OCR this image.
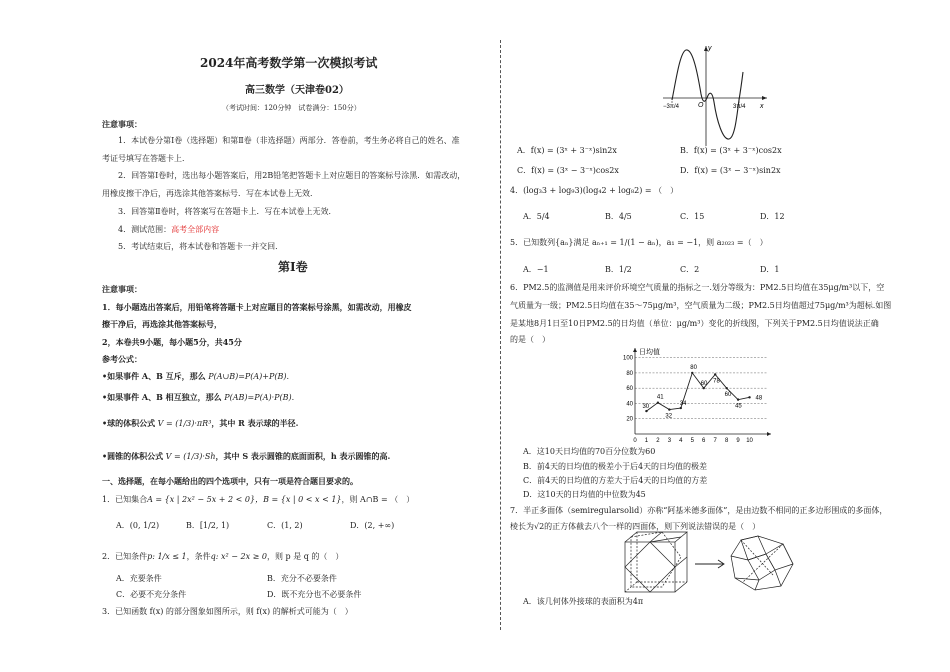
2024年高考数学第一次模拟考试
高三数学（天津卷02）
（考试时间：120分钟　试卷满分：150分）
注意事项：
1．本试卷分第Ⅰ卷（选择题）和第Ⅱ卷（非选择题）两部分．答卷前，考生务必将自己的姓名、准
考证号填写在答题卡上．
2．回答第Ⅰ卷时，选出每小题答案后，用2B铅笔把答题卡上对应题目的答案标号涂黑．如需改动，
用橡皮擦干净后，再选涂其他答案标号．写在本试卷上无效．
3．回答第Ⅱ卷时，将答案写在答题卡上．写在本试卷上无效．
4．测试范围：高考全部内容
5．考试结束后，将本试卷和答题卡一并交回．
第Ⅰ卷
注意事项：
1．每小题选出答案后，用铅笔将答题卡上对应题目的答案标号涂黑，如需改动，用橡皮
擦干净后，再选涂其他答案标号，
2，本卷共9小题，每小题5分，共45分
参考公式：
•如果事件 A、B 互斥，那么 P(A∪B)=P(A)+P(B).
•如果事件 A、B 相互独立，那么 P(AB)=P(A)·P(B).
•球的体积公式 V = (1/3)·πR³，其中 R 表示球的半径.
•圆锥的体积公式 V = (1/3)·Sh，其中 S 表示圆锥的底面面积，h 表示圆锥的高.
一、选择题，在每小题给出的四个选项中，只有一项是符合题目要求的。
1．已知集合A = {x | 2x² − 5x + 2 < 0}，B = {x | 0 < x < 1}，则 A∩B = （　）
A．(0, 1/2)	B．[1/2, 1)	C．(1, 2)	D．(2, +∞)
2．已知条件p: 1/x ≤ 1，条件q: x² − 2x ≥ 0，则 p 是 q 的（　）
A．充要条件	B．充分不必要条件
C．必要不充分条件	D．既不充分也不必要条件
3．已知函数 f(x) 的部分图象如图所示，则 f(x) 的解析式可能为（　）
y
x
O
−3π/4	3π/4
A．f(x) = (3ˣ + 3⁻ˣ)sin2x	B．f(x) = (3ˣ + 3⁻ˣ)cos2x
C．f(x) = (3ˣ − 3⁻ˣ)cos2x	D．f(x) = (3ˣ − 3⁻ˣ)sin2x
4．(log₃3 + log₉3)(log₄2 + log₈2) = （　）
A．5/4	B．4/5	C．15	D．12
5．已知数列{aₙ}满足 aₙ₊₁ = 1/(1 − aₙ)，a₁ = −1，则 a₂₀₂₃ =（　）
A．−1	B．1/2	C．2	D．1
6．PM2.5的监测值是用来评价环境空气质量的指标之一.划分等级为：PM2.5日均值在35μg/m³以下，空
气质量为一级；PM2.5日均值在35～75μg/m³，空气质量为二级；PM2.5日均值超过75μg/m³为超标.如图
是某地8月1日至10日PM2.5的日均值（单位：μg/m³）变化的折线图，下列关于PM2.5日均值说法正确
的是（　）
日均值
20
40
60
80
100
0 1 2 3 4 5 6 7 8 9 10
30
41
32
34
80
60 78
60
45
48
A．这10天日均值的70百分位数为60
B．前4天的日均值的极差小于后4天的日均值的极差
C．前4天的日均值的方差大于后4天的日均值的方差
D．这10天的日均值的中位数为45
7．半正多面体（semiregularsolid）亦称“阿基米德多面体”，是由边数不相同的正多边形围成的多面体，
棱长为√2的正方体截去八个一样的四面体，则下列说法错误的是（　）
A．该几何体外接球的表面积为4π
